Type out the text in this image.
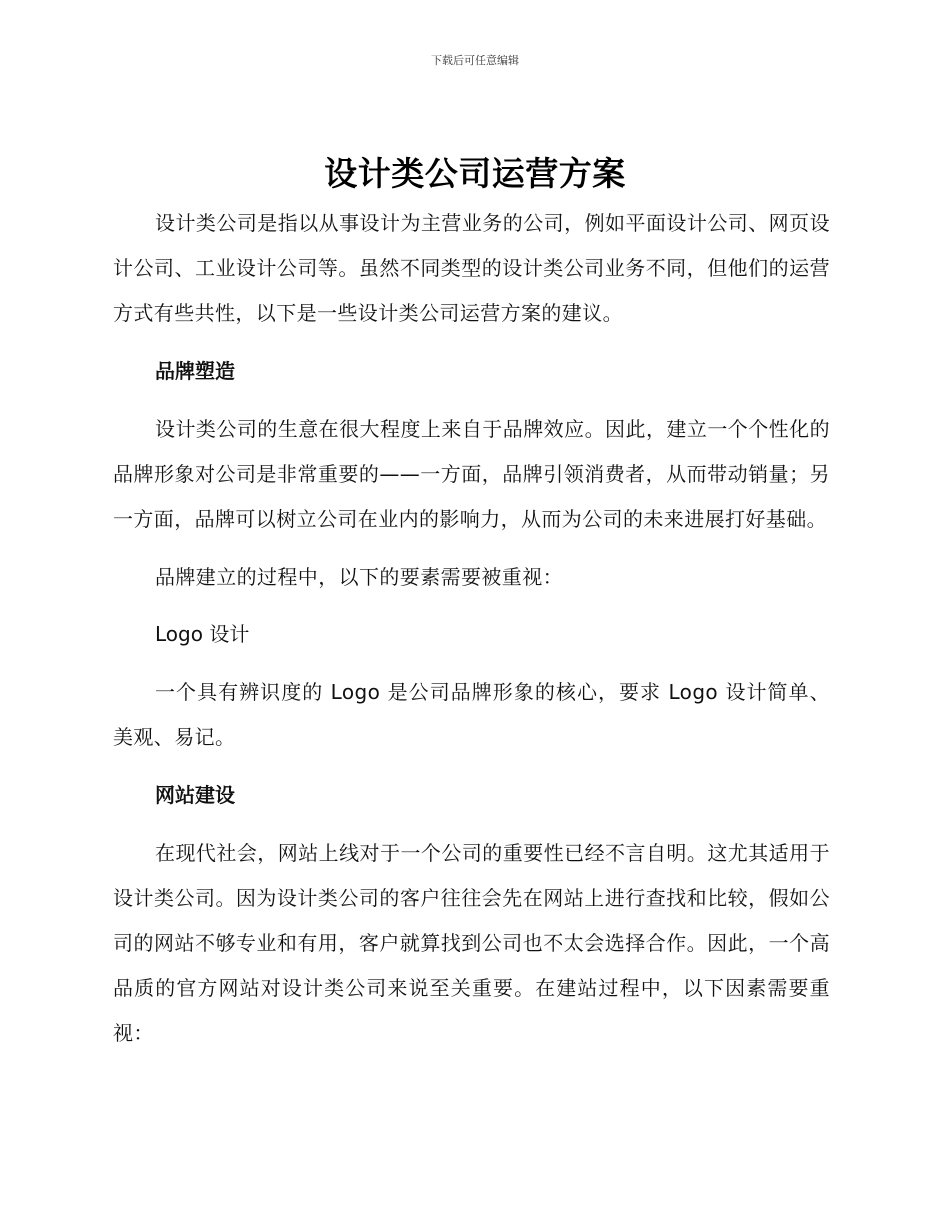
下载后可任意编辑
设计类公司运营方案

设计类公司是指以从事设计为主营业务的公司，例如平面设计公司、网页设计公司、工业设计公司等。虽然不同类型的设计类公司业务不同，但他们的运营方式有些共性，以下是一些设计类公司运营方案的建议。

品牌塑造

设计类公司的生意在很大程度上来自于品牌效应。因此，建立一个个性化的品牌形象对公司是非常重要的——一方面，品牌引领消费者，从而带动销量；另一方面，品牌可以树立公司在业内的影响力，从而为公司的未来进展打好基础。

品牌建立的过程中，以下的要素需要被重视：

Logo 设计

一个具有辨识度的 Logo 是公司品牌形象的核心，要求 Logo 设计简单、美观、易记。

网站建设

在现代社会，网站上线对于一个公司的重要性已经不言自明。这尤其适用于设计类公司。因为设计类公司的客户往往会先在网站上进行查找和比较，假如公司的网站不够专业和有用，客户就算找到公司也不太会选择合作。因此，一个高品质的官方网站对设计类公司来说至关重要。在建站过程中，以下因素需要重视：
